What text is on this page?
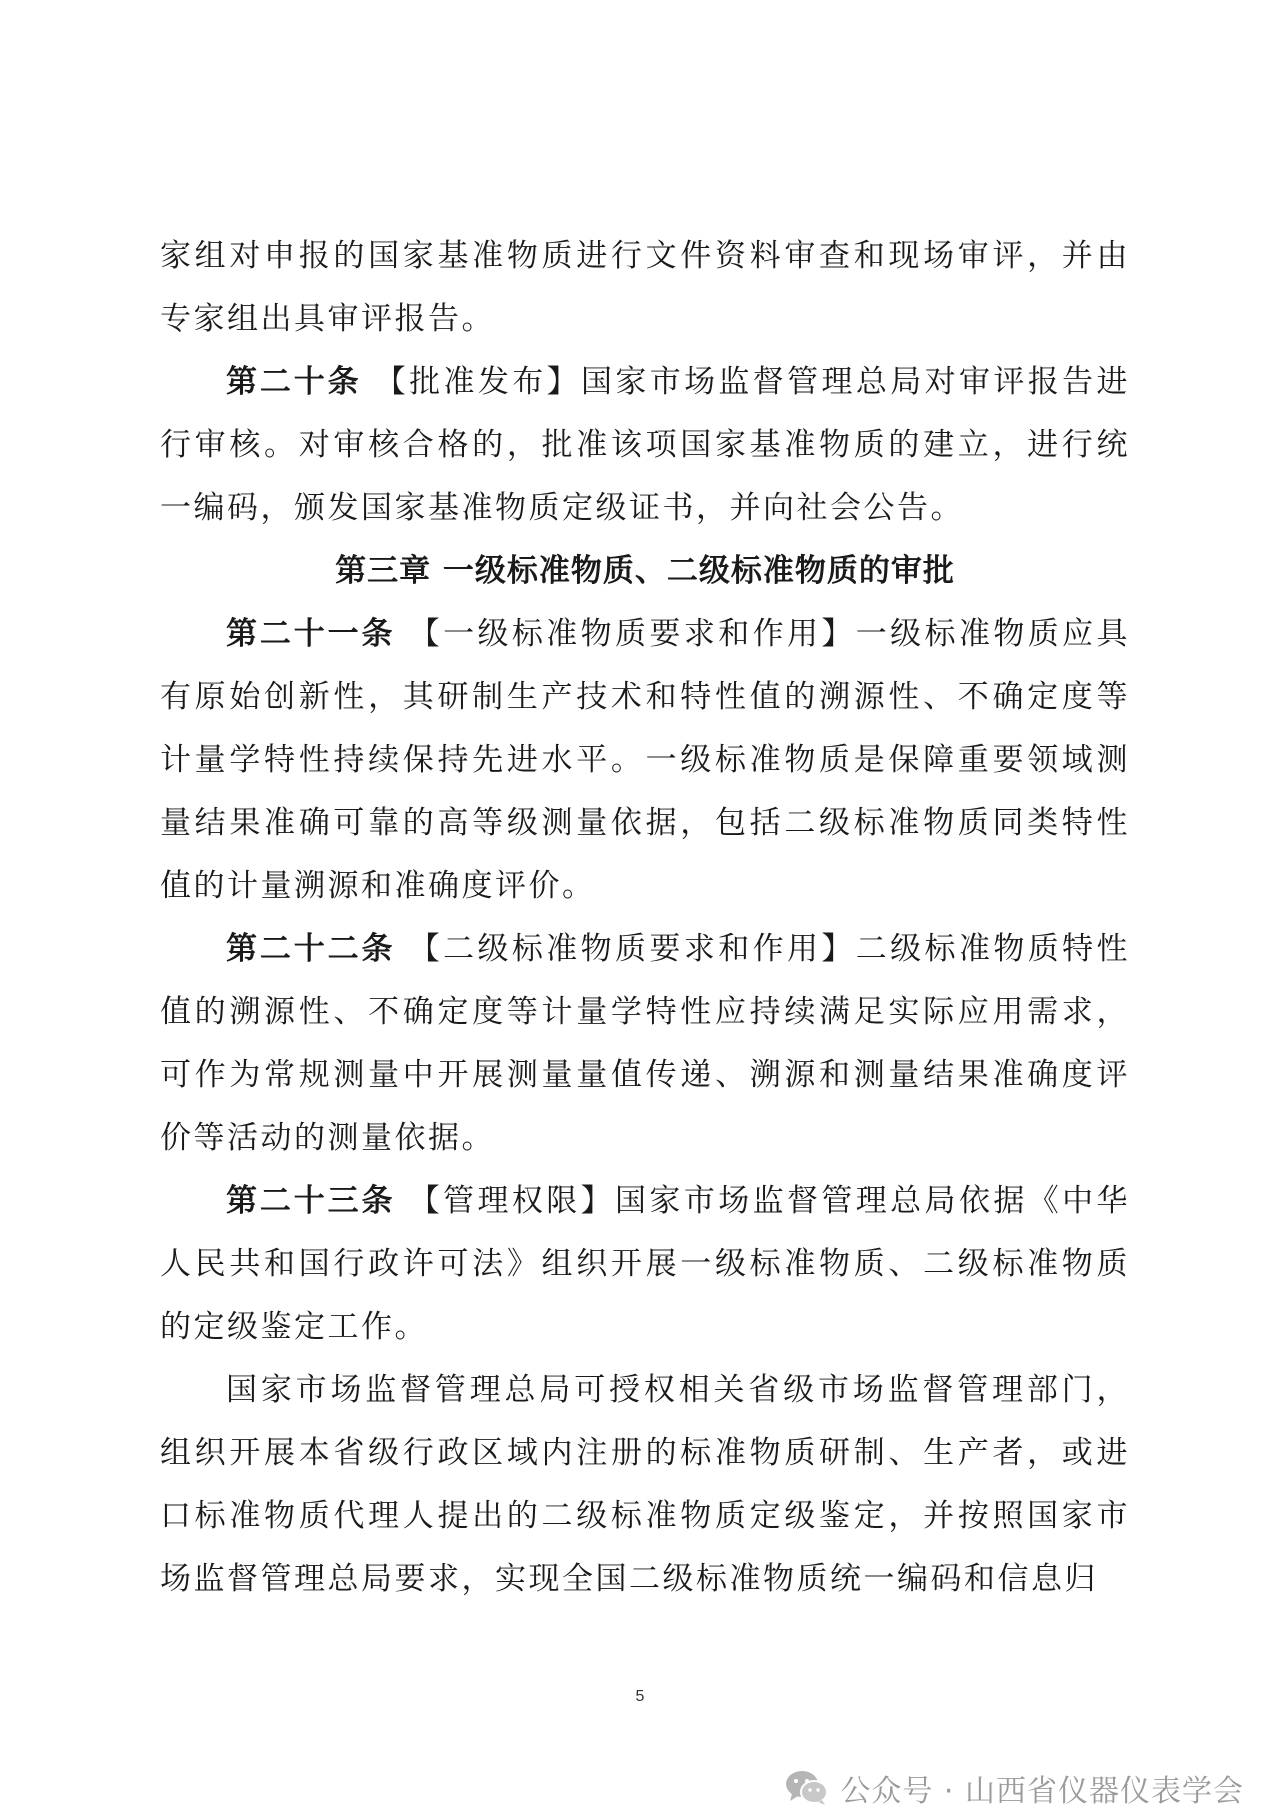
家组对申报的国家基准物质进行文件资料审查和现场审评，并由专家组出具审评报告。

第二十条 【批准发布】国家市场监督管理总局对审评报告进行审核。对审核合格的，批准该项国家基准物质的建立，进行统一编码，颁发国家基准物质定级证书，并向社会公告。

第三章 一级标准物质、二级标准物质的审批

第二十一条 【一级标准物质要求和作用】一级标准物质应具有原始创新性，其研制生产技术和特性值的溯源性、不确定度等计量学特性持续保持先进水平。一级标准物质是保障重要领域测量结果准确可靠的高等级测量依据，包括二级标准物质同类特性值的计量溯源和准确度评价。

第二十二条 【二级标准物质要求和作用】二级标准物质特性值的溯源性、不确定度等计量学特性应持续满足实际应用需求，可作为常规测量中开展测量量值传递、溯源和测量结果准确度评价等活动的测量依据。

第二十三条 【管理权限】国家市场监督管理总局依据《中华人民共和国行政许可法》组织开展一级标准物质、二级标准物质的定级鉴定工作。

国家市场监督管理总局可授权相关省级市场监督管理部门，组织开展本省级行政区域内注册的标准物质研制、生产者，或进口标准物质代理人提出的二级标准物质定级鉴定，并按照国家市场监督管理总局要求，实现全国二级标准物质统一编码和信息归

5
公众号 · 山西省仪器仪表学会
